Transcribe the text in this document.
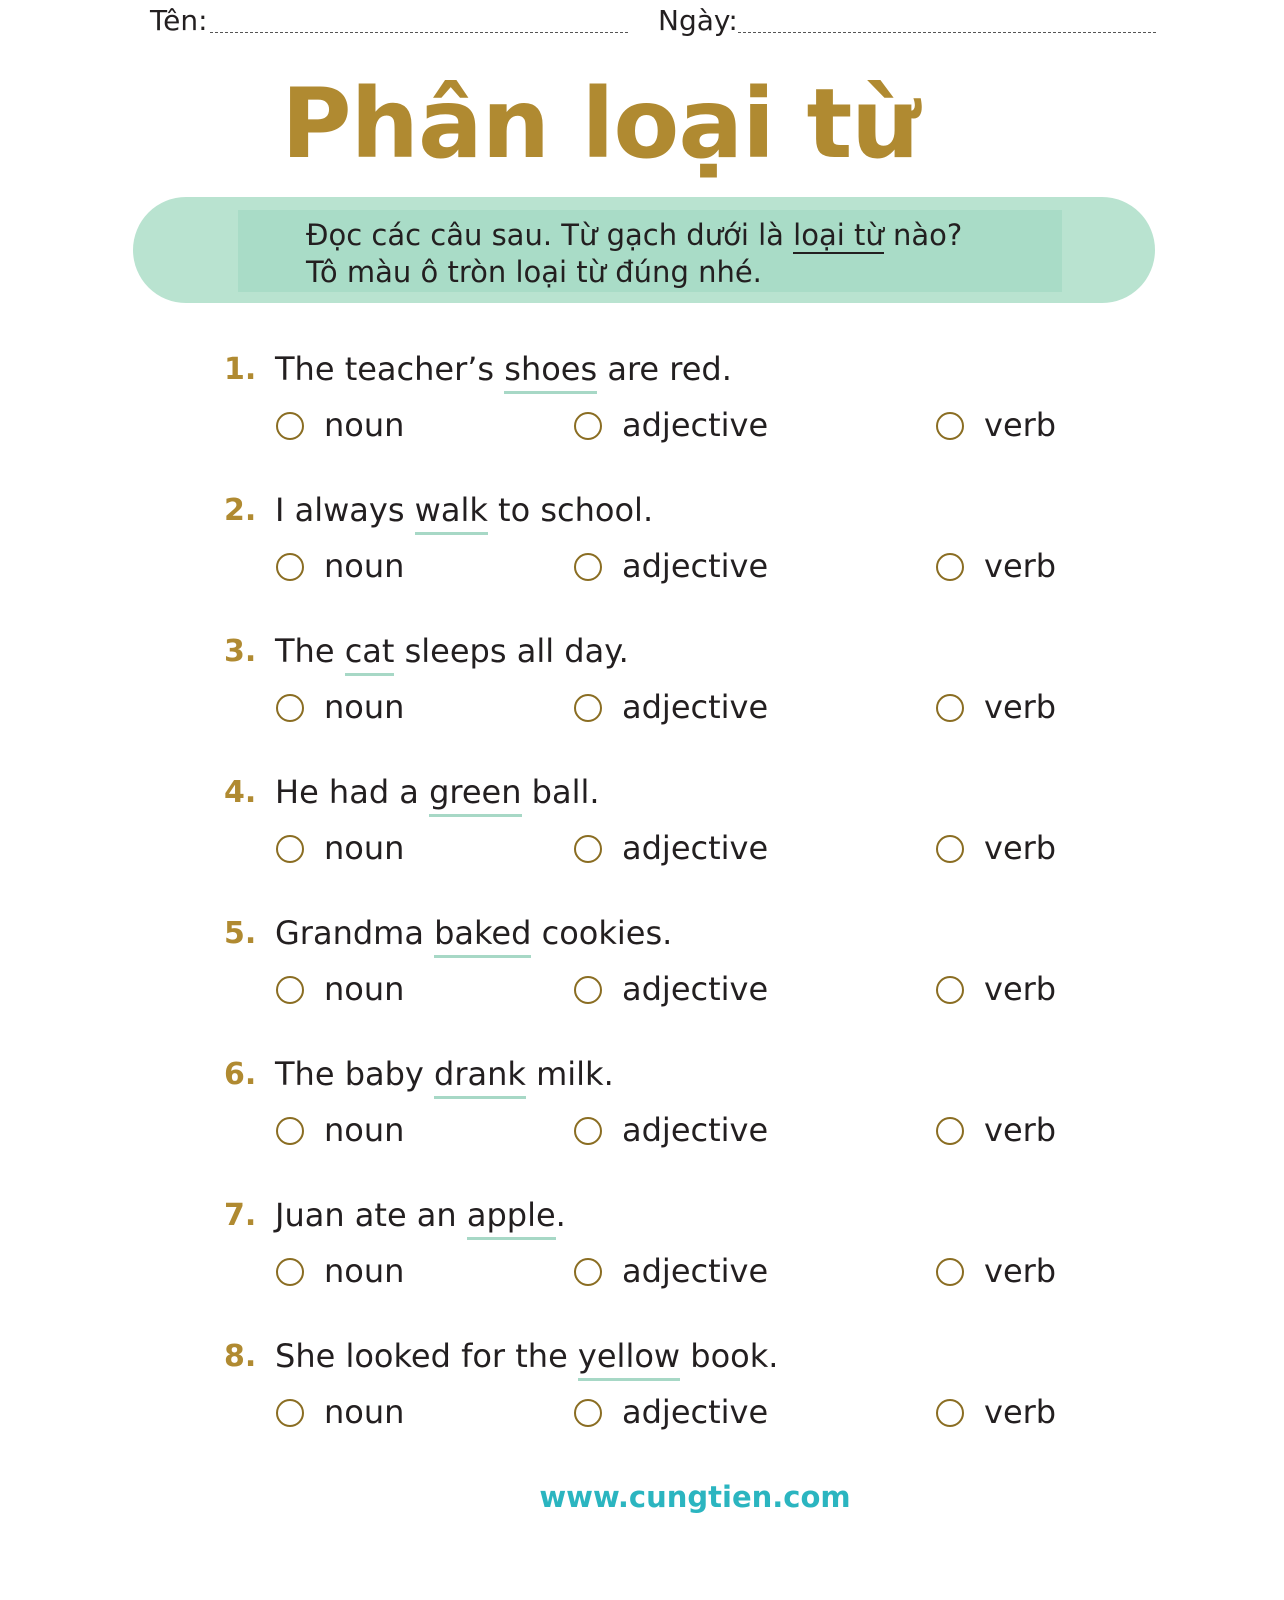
Tên:	Ngày:
Phân loại từ
Đọc các câu sau. Từ gạch dưới là loại từ nào?
Tô màu ô tròn loại từ đúng nhé.
1. The teacher’s shoes are red.
noun	adjective	verb
2. I always walk to school.
noun	adjective	verb
3. The cat sleeps all day.
noun	adjective	verb
4. He had a green ball.
noun	adjective	verb
5. Grandma baked cookies.
noun	adjective	verb
6. The baby drank milk.
noun	adjective	verb
7. Juan ate an apple.
noun	adjective	verb
8. She looked for the yellow book.
noun	adjective	verb
www.cungtien.com
